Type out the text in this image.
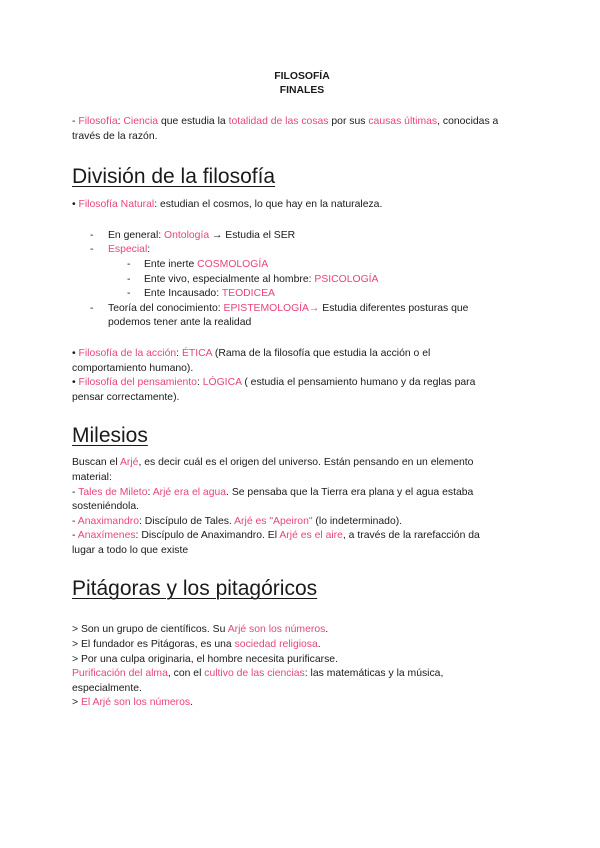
FILOSOFÍA

FINALES

- Filosofía: Ciencia que estudia la totalidad de las cosas por sus causas últimas, conocidas a
través de la razón.

División de la filosofía

• Filosofía Natural: estudian el cosmos, lo que hay en la naturaleza.

- En general: Ontología → Estudia el SER

- Especial:

- Ente inerte COSMOLOGÍA

- Ente vivo, especialmente al hombre: PSICOLOGÍA

- Ente Incausado: TEODICEA

- Teoría del conocimiento: EPISTEMOLOGÍA→ Estudia diferentes posturas que
podemos tener ante la realidad

• Filosofía de la acción: ÉTICA (Rama de la filosofía que estudia la acción o el
comportamiento humano).

• Filosofía del pensamiento: LÓGICA ( estudia el pensamiento humano y da reglas para
pensar correctamente).

Milesios

Buscan el Arjé, es decir cuál es el origen del universo. Están pensando en un elemento
material:

- Tales de Mileto: Arjé era el agua. Se pensaba que la Tierra era plana y el agua estaba
sosteniéndola.

- Anaximandro: Discípulo de Tales. Arjé es "Apeiron" (lo indeterminado).

- Anaxímenes: Discípulo de Anaximandro. El Arjé es el aire, a través de la rarefacción da
lugar a todo lo que existe

Pitágoras y los pitagóricos

> Son un grupo de científicos. Su Arjé son los números.

> El fundador es Pitágoras, es una sociedad religiosa.

> Por una culpa originaria, el hombre necesita purificarse.

Purificación del alma, con el cultivo de las ciencias: las matemáticas y la música,
especialmente.

> El Arjé son los números.
